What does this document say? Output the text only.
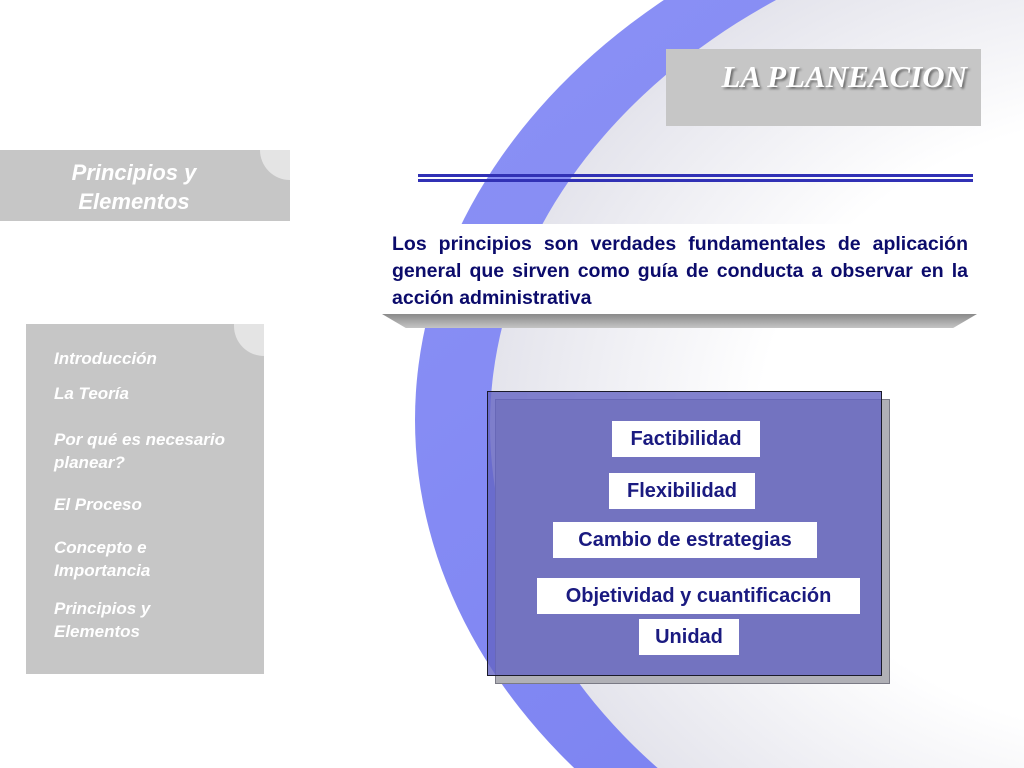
LA PLANEACION
Principios y
Elementos
Los principios son verdades fundamentales de aplicación general que sirven como guía de conducta a observar en la acción administrativa
Introducción
La Teoría
Por qué es necesario
planear?
El Proceso
Concepto e
Importancia
Principios y
Elementos
Factibilidad
Flexibilidad
Cambio de estrategias
Objetividad y cuantificación
Unidad
